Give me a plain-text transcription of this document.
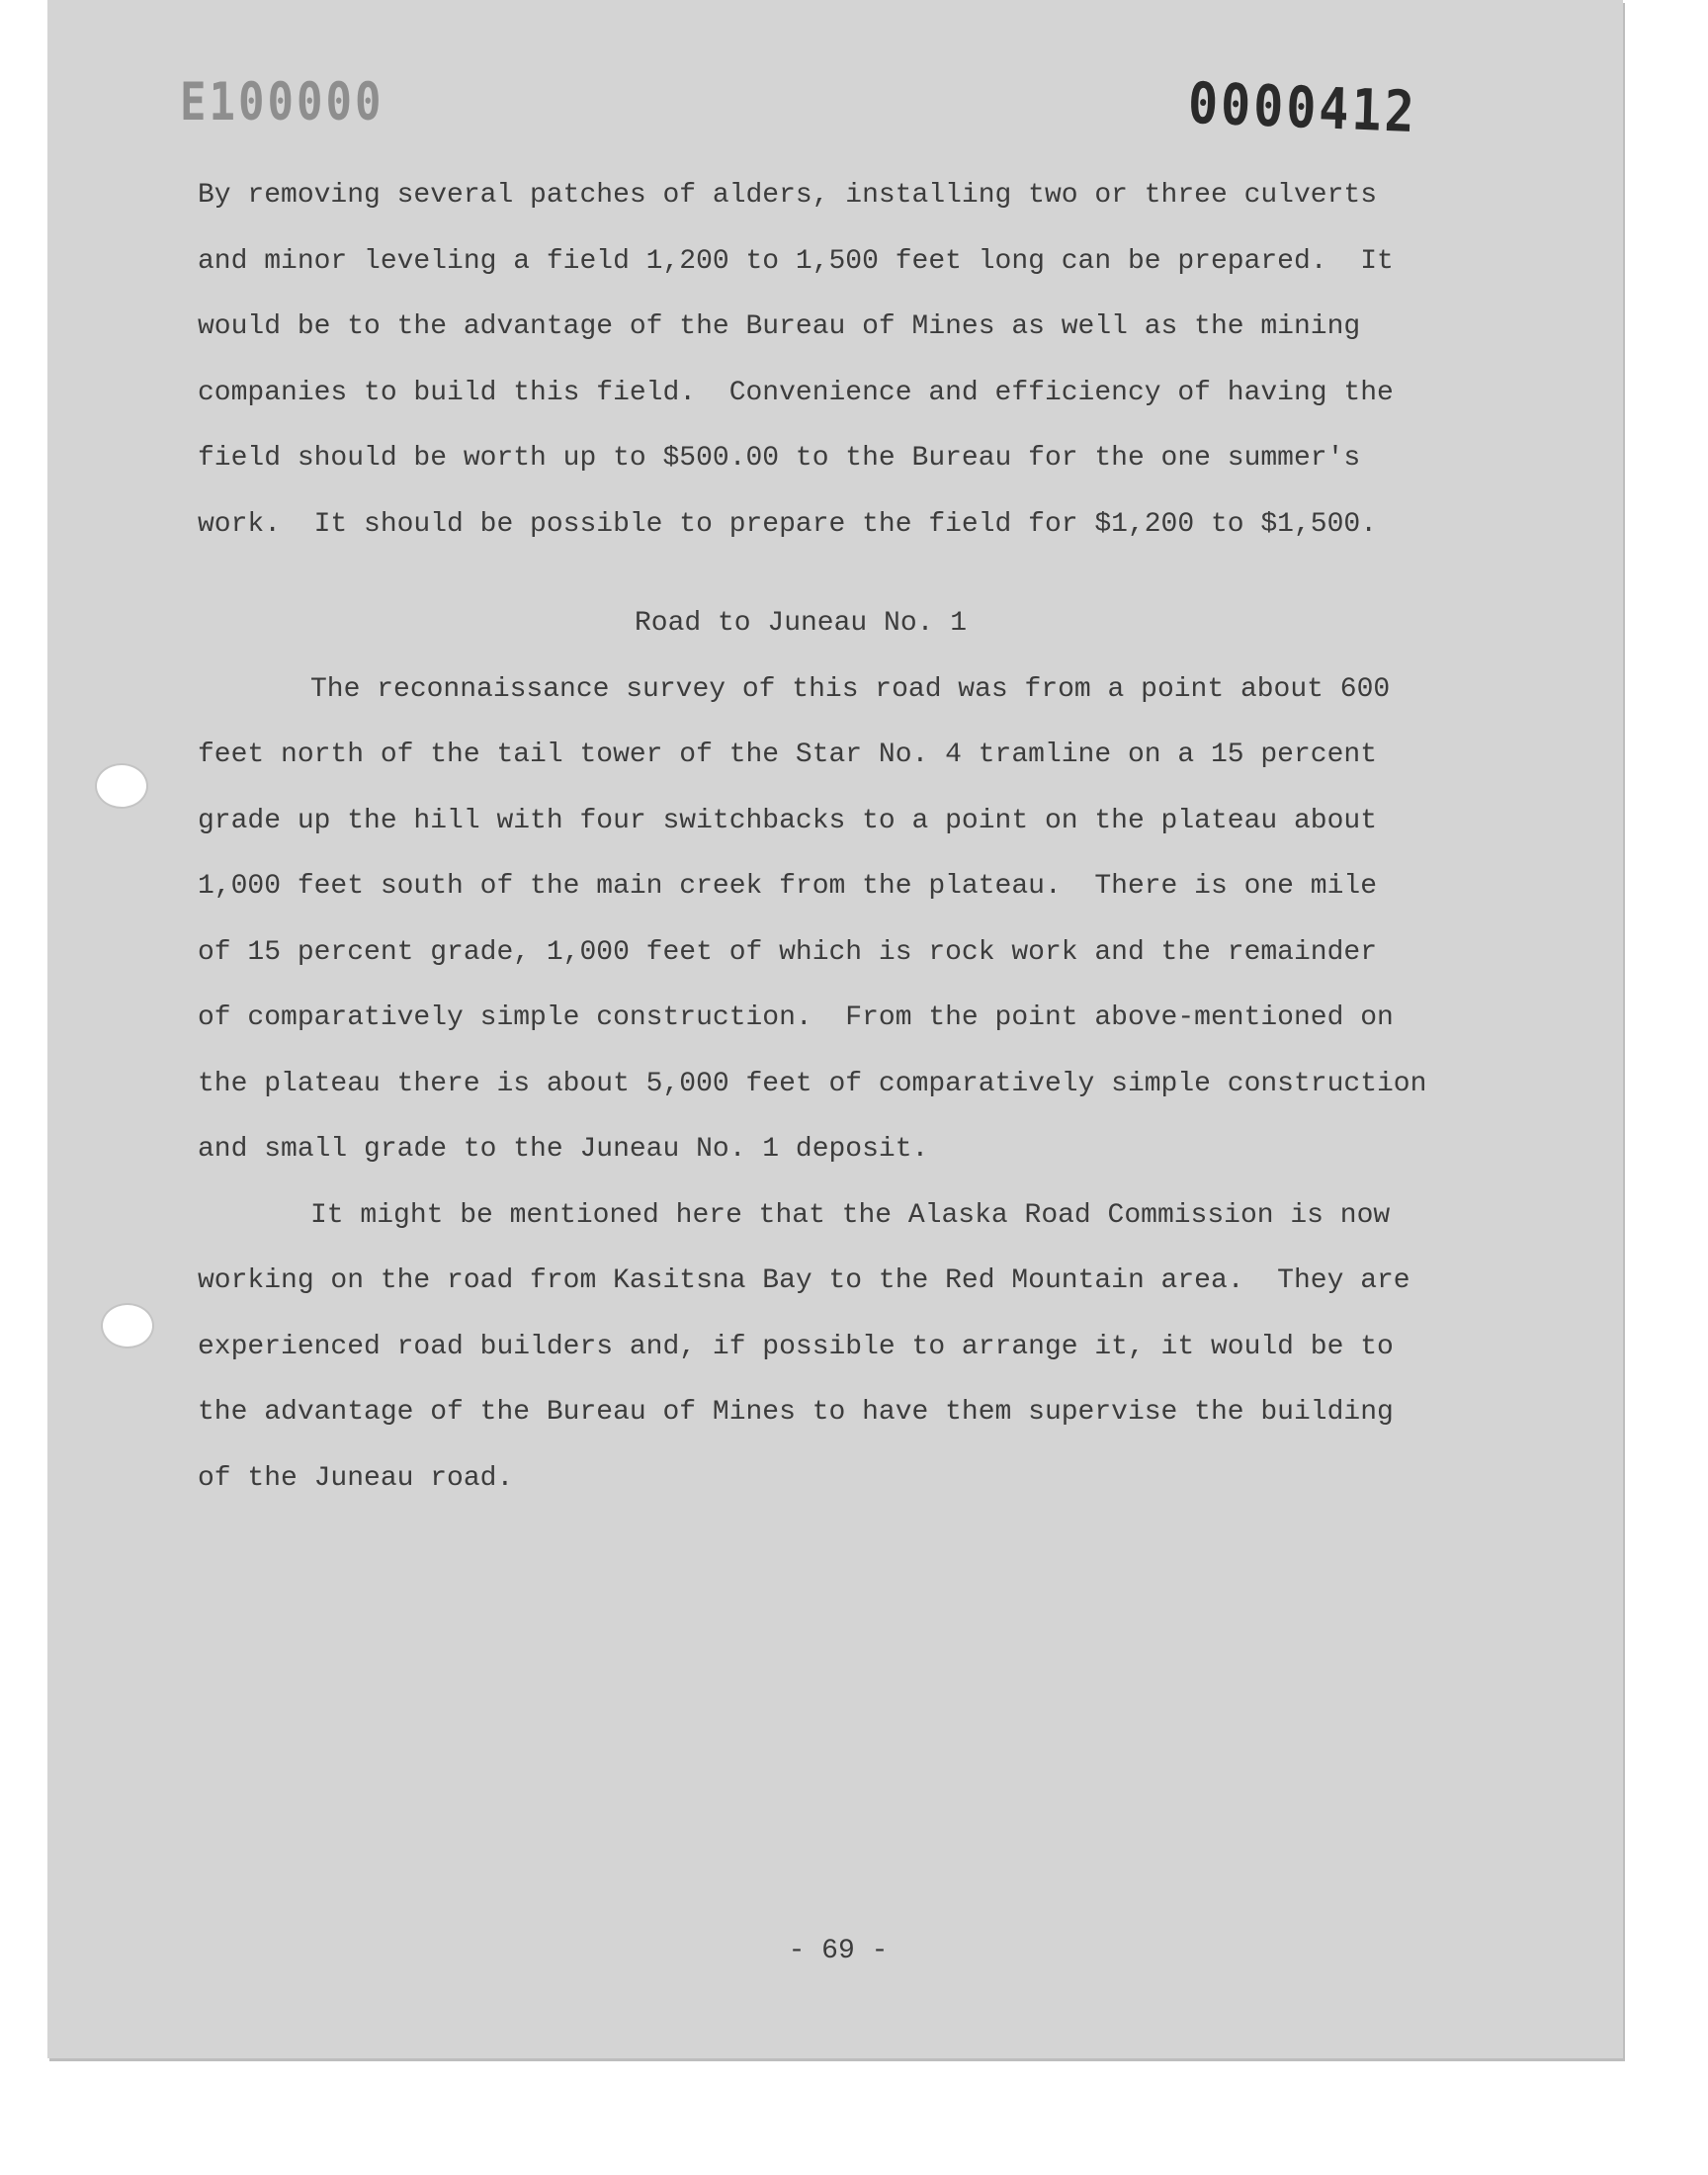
E100000	0000412
By removing several patches of alders, installing two or three culverts
and minor leveling a field 1,200 to 1,500 feet long can be prepared.  It
would be to the advantage of the Bureau of Mines as well as the mining
companies to build this field.  Convenience and efficiency of having the
field should be worth up to $500.00 to the Bureau for the one summer's
work.  It should be possible to prepare the field for $1,200 to $1,500.
Road to Juneau No. 1
The reconnaissance survey of this road was from a point about 600
feet north of the tail tower of the Star No. 4 tramline on a 15 percent
grade up the hill with four switchbacks to a point on the plateau about
1,000 feet south of the main creek from the plateau.  There is one mile
of 15 percent grade, 1,000 feet of which is rock work and the remainder
of comparatively simple construction.  From the point above-mentioned on
the plateau there is about 5,000 feet of comparatively simple construction
and small grade to the Juneau No. 1 deposit.
It might be mentioned here that the Alaska Road Commission is now
working on the road from Kasitsna Bay to the Red Mountain area.  They are
experienced road builders and, if possible to arrange it, it would be to
the advantage of the Bureau of Mines to have them supervise the building
of the Juneau road.
- 69 -
